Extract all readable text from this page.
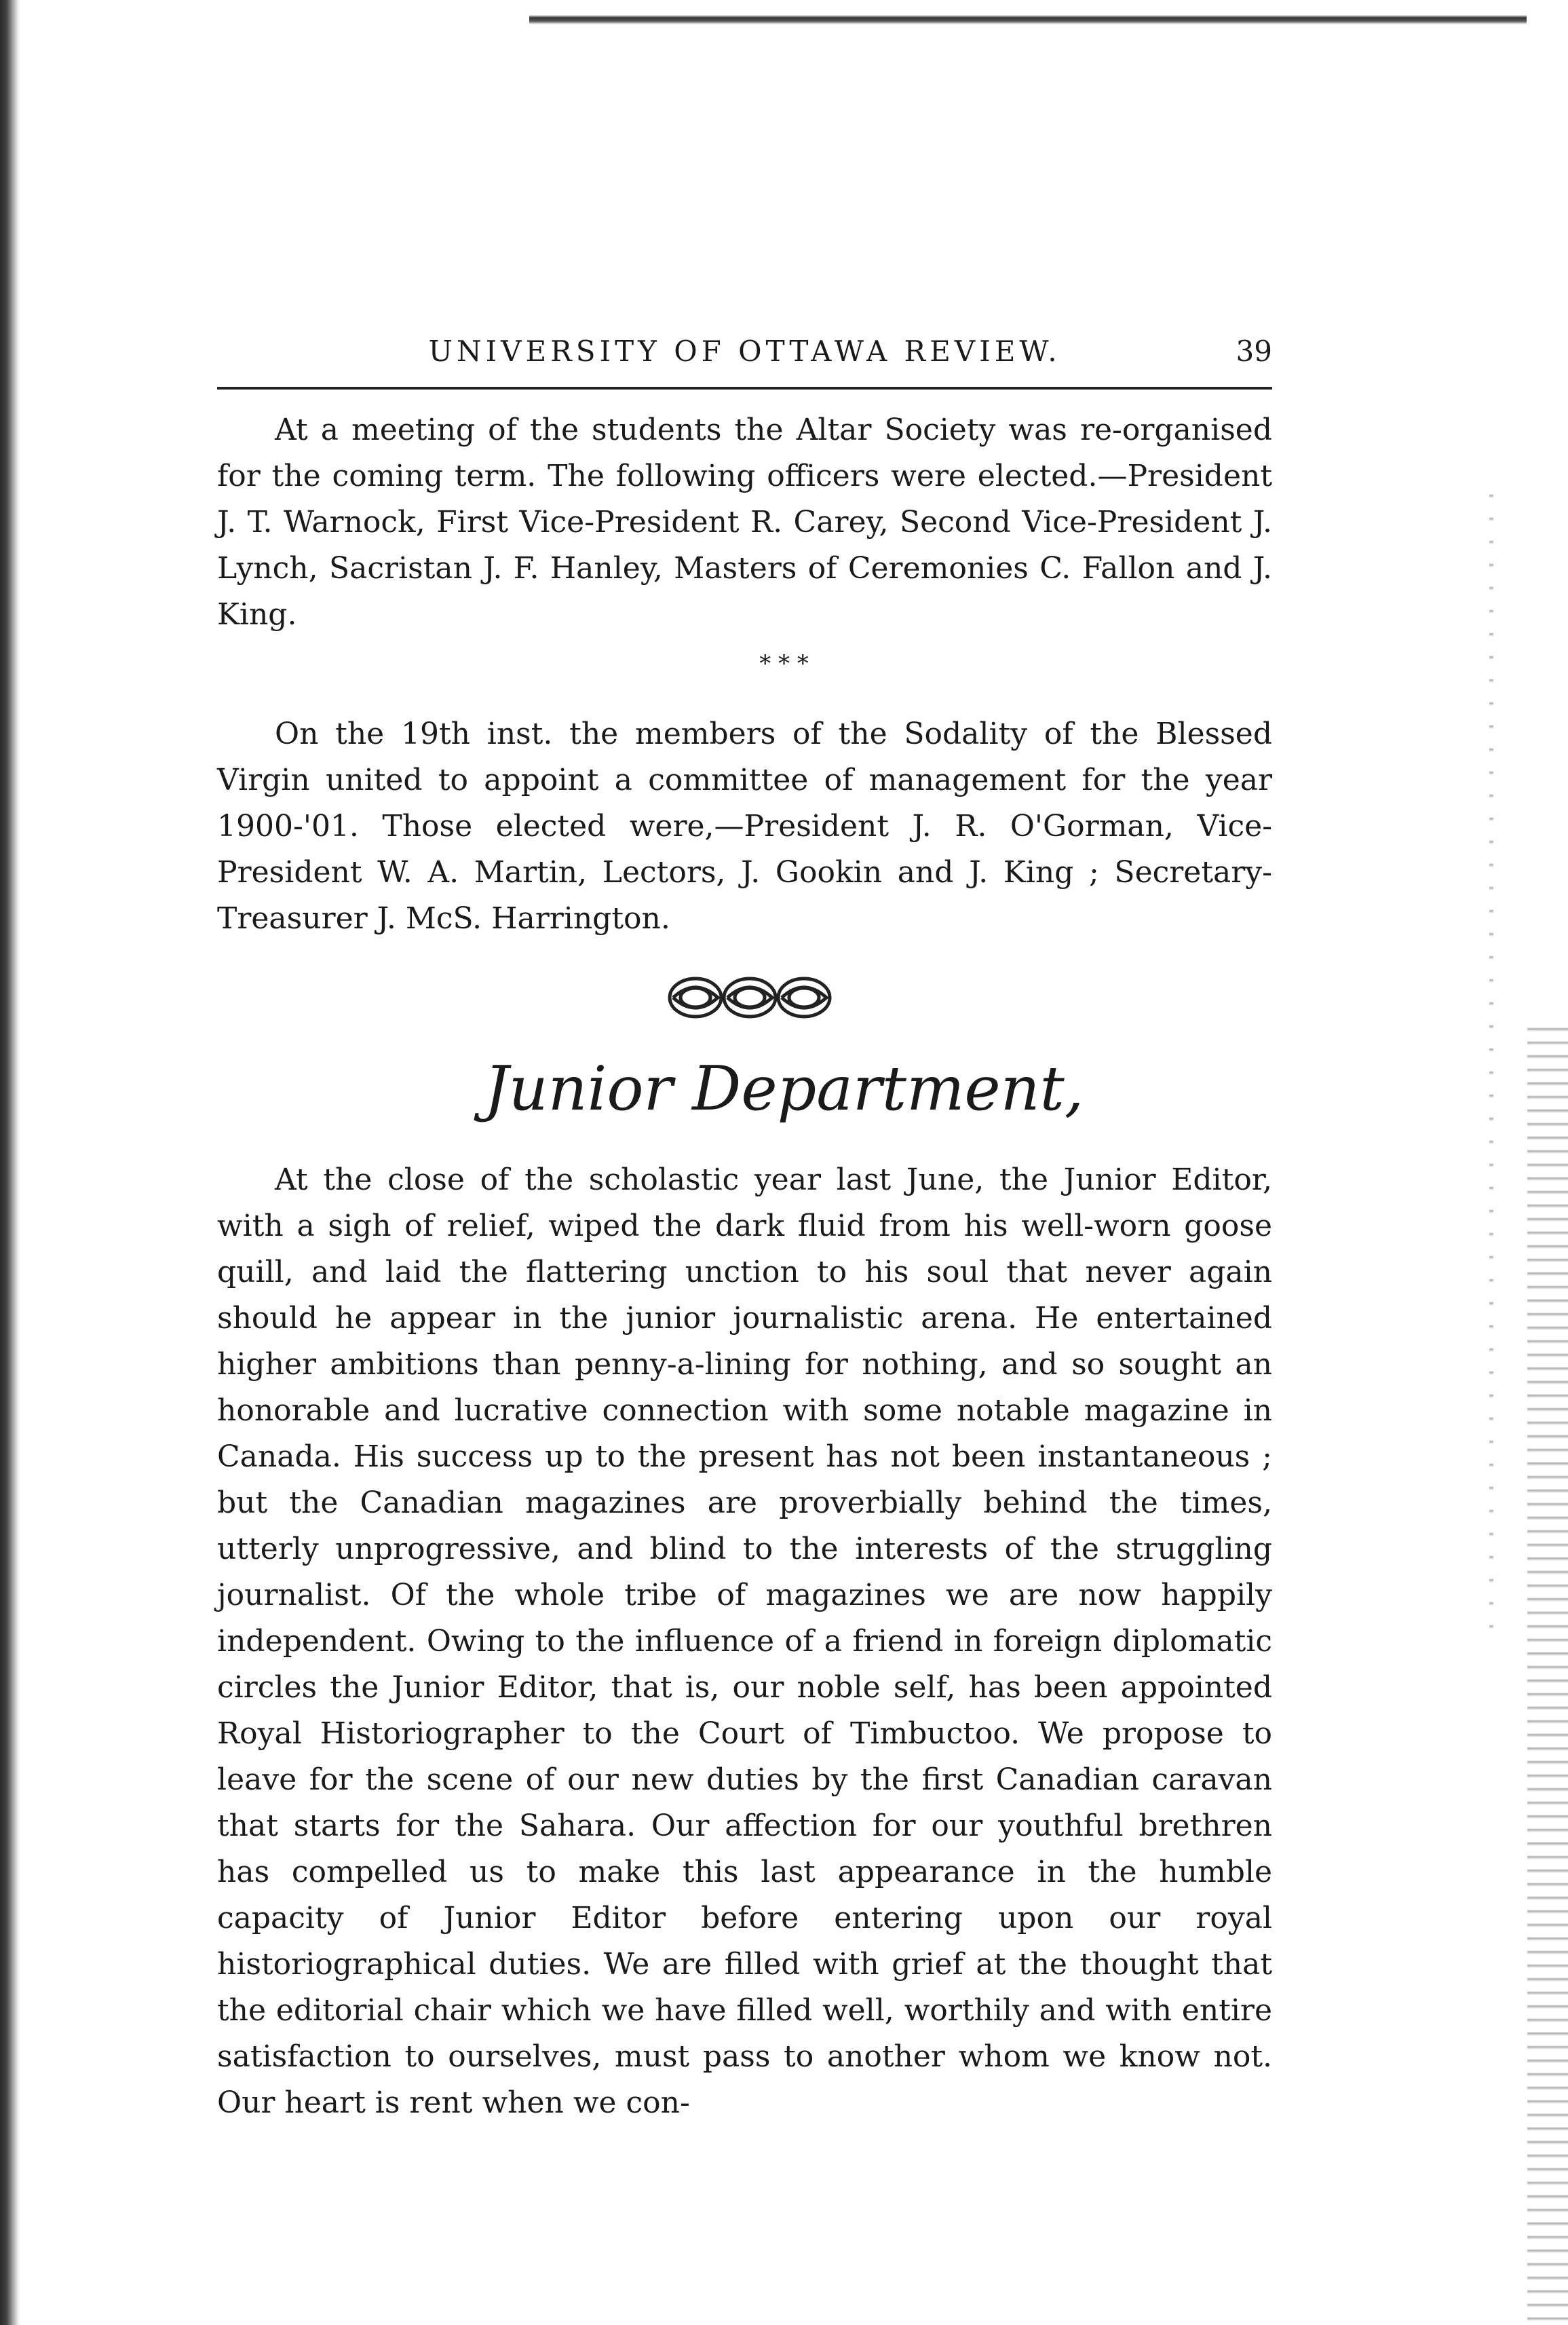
UNIVERSITY OF OTTAWA REVIEW.	39

At a meeting of the students the Altar Society was re-organised for the coming term. The following officers were elected.—President J. T. Warnock, First Vice-President R. Carey, Second Vice-President J. Lynch, Sacristan J. F. Hanley, Masters of Ceremonies C. Fallon and J. King.

* * *

On the 19th inst. the members of the Sodality of the Blessed Virgin united to appoint a committee of management for the year 1900-'01. Those elected were,—President J. R. O'Gorman, Vice-President W. A. Martin, Lectors, J. Gookin and J. King ; Secretary-Treasurer J. McS. Harrington.

Junior Department,

At the close of the scholastic year last June, the Junior Editor, with a sigh of relief, wiped the dark fluid from his well-worn goose quill, and laid the flattering unction to his soul that never again should he appear in the junior journalistic arena. He entertained higher ambitions than penny-a-lining for nothing, and so sought an honorable and lucrative connection with some notable magazine in Canada. His success up to the present has not been instantaneous ; but the Canadian magazines are proverbially behind the times, utterly unprogressive, and blind to the interests of the struggling journalist. Of the whole tribe of magazines we are now happily independent. Owing to the influence of a friend in foreign diplomatic circles the Junior Editor, that is, our noble self, has been appointed Royal Historiographer to the Court of Timbuctoo. We propose to leave for the scene of our new duties by the first Canadian caravan that starts for the Sahara. Our affection for our youthful brethren has compelled us to make this last appearance in the humble capacity of Junior Editor before entering upon our royal historiographical duties. We are filled with grief at the thought that the editorial chair which we have filled well, worthily and with entire satisfaction to ourselves, must pass to another whom we know not. Our heart is rent when we con-
